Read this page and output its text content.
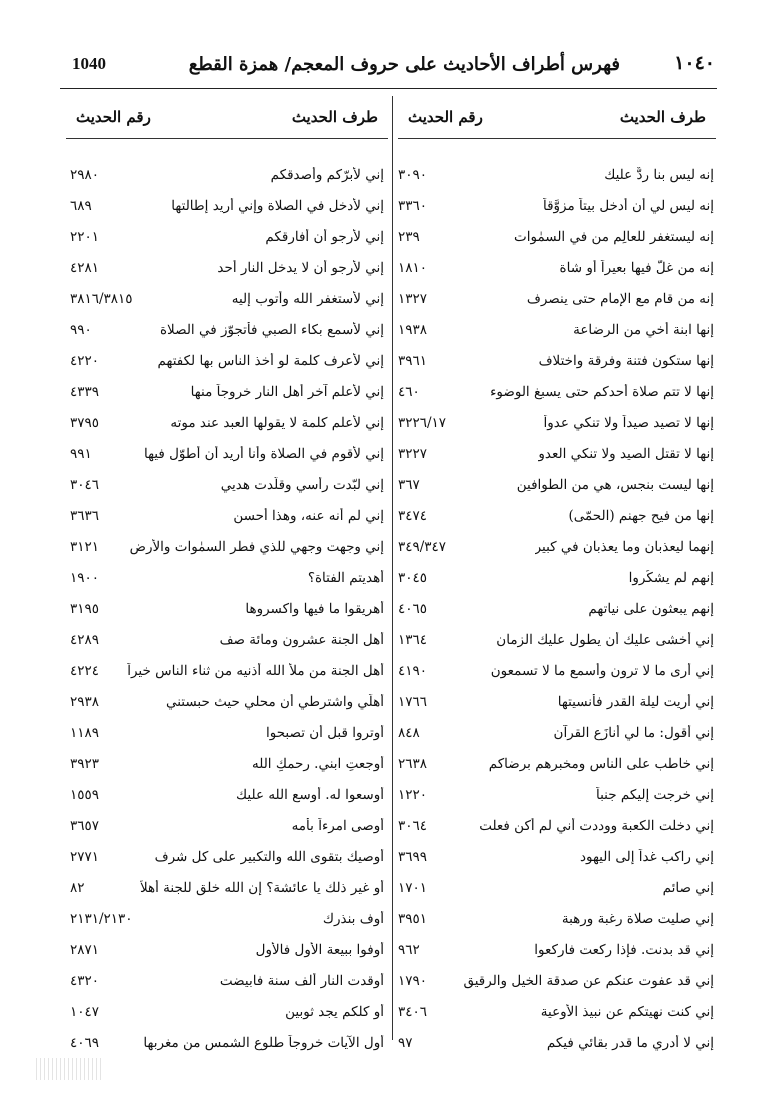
1040	فهرس أطراف الأحاديث على حروف المعجم/ همزة القطع	١٠٤٠
طرف الحديث
رقم الحديث
إنه ليس بنا ردٌّ عليك
٣٠٩٠
إنه ليس لي أن أدخل بيتاً مزوَّقاً
٣٣٦٠
إنه ليستغفر للعالِم من في السمٰوات
٢٣٩
إنه من غلَّ فيها بعيراً أو شاة
١٨١٠
إنه من قام مع الإمام حتى ينصرف
١٣٢٧
إنها ابنة أخي من الرضاعة
١٩٣٨
إنها ستكون فتنة وفرقة واختلاف
٣٩٦١
إنها لا تتم صلاة أحدكم حتى يسبغ الوضوء
٤٦٠
إنها لا تصيد صيداً ولا تنكي عدواً
٣٢٢٦/١٧
إنها لا تقتل الصيد ولا تنكي العدو
٣٢٢٧
إنها ليست بنجس، هي من الطوافين
٣٦٧
إنها من فيح جهنم (الحمّى)
٣٤٧٤
إنهما ليعذبان وما يعذبان في كبير
٣٤٩/٣٤٧
إنهم لم يشكُروا
٣٠٤٥
إنهم يبعثون على نياتهم
٤٠٦٥
إني أخشى عليك أن يطول عليك الزمان
١٣٦٤
إني أرى ما لا ترون وأسمع ما لا تسمعون
٤١٩٠
إني أريت ليلة القدر فأنسيتها
١٧٦٦
إني أقول: ما لي أنازَع القرآن
٨٤٨
إني خاطب على الناس ومخبرهم برضاكم
٢٦٣٨
إني خرجت إليكم جنباً
١٢٢٠
إني دخلت الكعبة ووددت أني لم أكن فعلت
٣٠٦٤
إني راكب غداً إلى اليهود
٣٦٩٩
إني صائم
١٧٠١
إني صليت صلاة رغبة ورهبة
٣٩٥١
إني قد بدنت. فإذا ركعت فاركعوا
٩٦٢
إني قد عفوت عنكم عن صدقة الخيل والرقيق
١٧٩٠
إني كنت نهيتكم عن نبيذ الأوعية
٣٤٠٦
إني لا أدري ما قدر بقائي فيكم
٩٧
طرف الحديث
رقم الحديث
إني لأبرّكم وأصدقكم
٢٩٨٠
إني لأدخل في الصلاة وإني أريد إطالتها
٦٨٩
إني لأرجو أن أفارقكم
٢٢٠١
إني لأرجو أن لا يدخل النار أحد
٤٢٨١
إني لأستغفر الله وأتوب إليه
٣٨١٦/٣٨١٥
إني لأسمع بكاء الصبي فأتجوّز في الصلاة
٩٩٠
إني لأعرف كلمة لو أخذ الناس بها لكفتهم
٤٢٢٠
إني لأعلم آخر أهل النار خروجاً منها
٤٣٣٩
إني لأعلم كلمة لا يقولها العبد عند موته
٣٧٩٥
إني لأقوم في الصلاة وأنا أريد أن أطوّل فيها
٩٩١
إني لبّدت رأسي وقلّدت هديي
٣٠٤٦
إني لم أنه عنه، وهذا أحسن
٣٦٣٦
إني وجهت وجهي للذي فطر السمٰوات والأرض
٣١٢١
أهديتم الفتاة؟
١٩٠٠
أهريقوا ما فيها واكسروها
٣١٩٥
أهل الجنة عشرون ومائة صف
٤٢٨٩
أهل الجنة من ملأ الله أذنيه من ثناء الناس خيراً
٤٢٢٤
أهلّي واشترطي أن محلي حيث حبستني
٢٩٣٨
أوتروا قبل أن تصبحوا
١١٨٩
أوجعتِ ابني. رحمكِ الله
٣٩٢٣
أوسعوا له. أوسع الله عليك
١٥٥٩
أوصى امرءاً بأمه
٣٦٥٧
أوصيك بتقوى الله والتكبير على كل شرف
٢٧٧١
أو غير ذلك يا عائشة؟ إن الله خلق للجنة أهلاً
٨٢
أوف بنذرك
٢١٣١/٢١٣٠
أوفوا ببيعة الأول فالأول
٢٨٧١
أوقدت النار ألف سنة فابيضت
٤٣٢٠
أو كلكم يجد ثوبين
١٠٤٧
أول الآيات خروجاً طلوع الشمس من مغربها
٤٠٦٩
